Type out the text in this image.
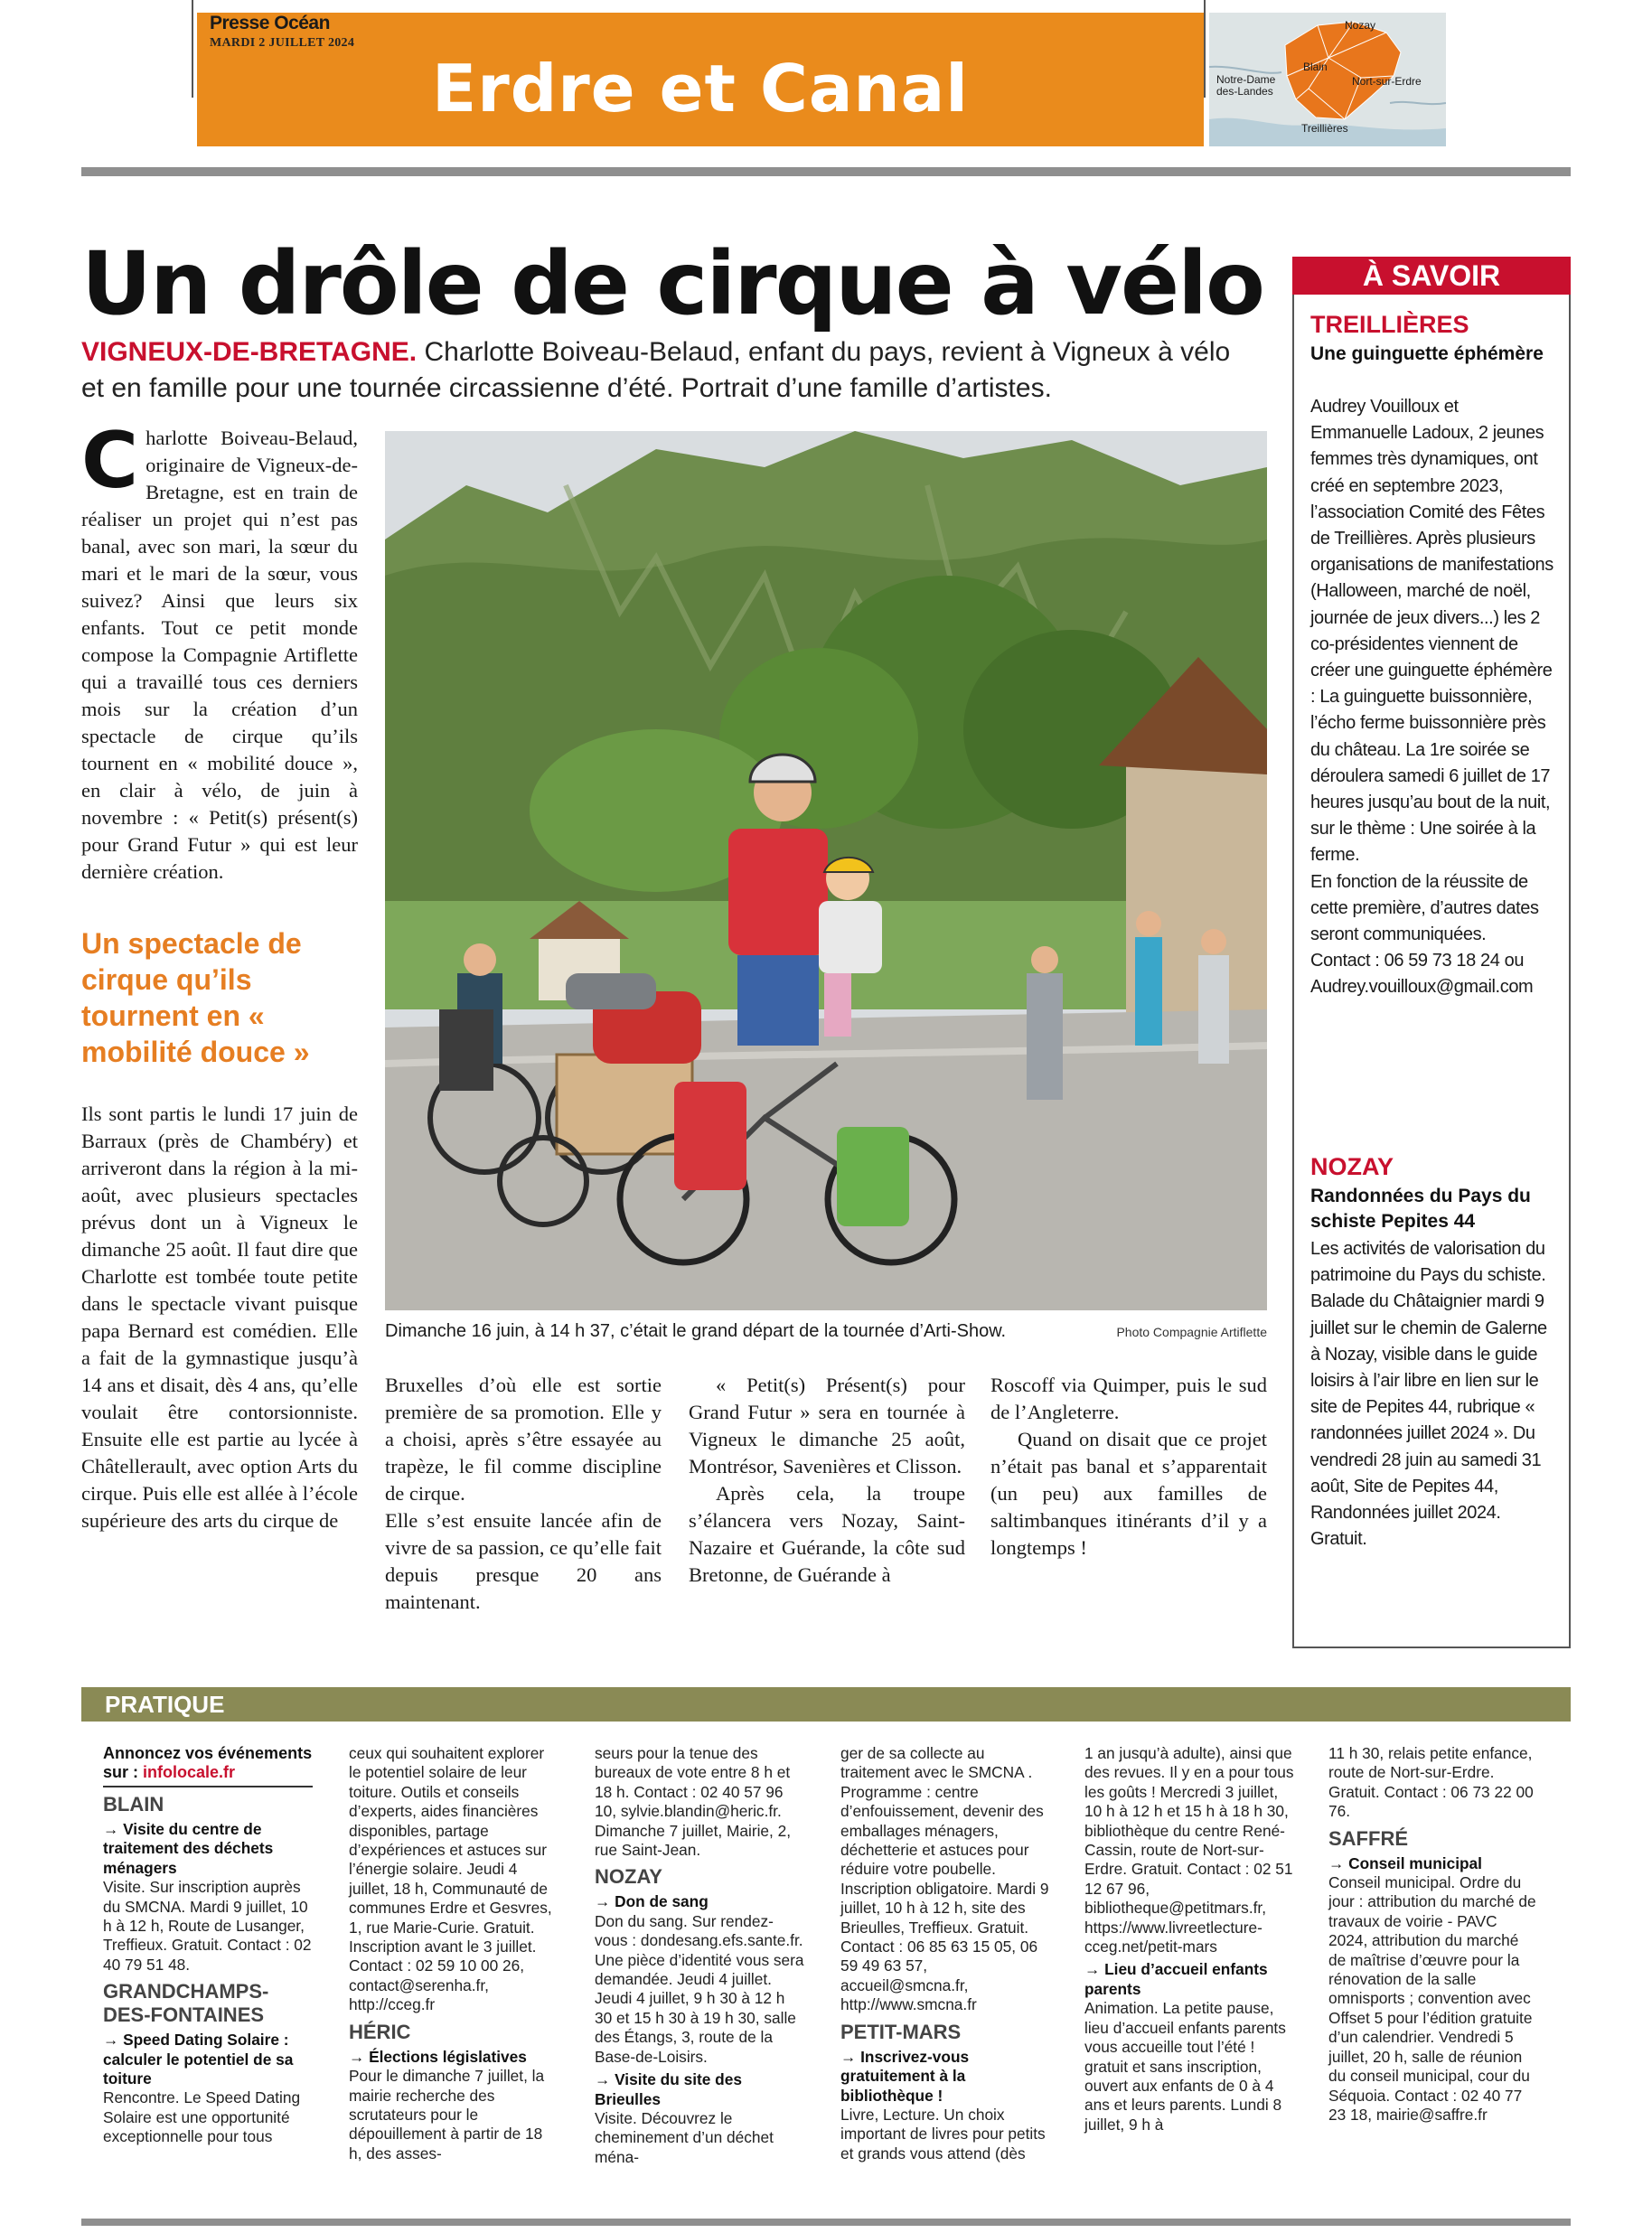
Presse Océan
MARDI 2 JUILLET 2024
Erdre et Canal
Nozay
Blain
Notre-Dame des-Landes
Nort-sur-Erdre
Treillières
Un drôle de cirque à vélo
VIGNEUX-DE-BRETAGNE. Charlotte Boiveau-Belaud, enfant du pays, revient à Vigneux à vélo et en famille pour une tournée circassienne d’été. Portrait d’une famille d’artistes.
C harlotte Boiveau-Belaud, originaire de Vigneux-de-Bretagne, est en train de réaliser un projet qui n’est pas banal, avec son mari, la sœur du mari et le mari de la sœur, vous suivez? Ainsi que leurs six enfants. Tout ce petit monde compose la Compagnie Artiflette qui a travaillé tous ces derniers mois sur la création d’un spectacle de cirque qu’ils tournent en « mobilité douce », en clair à vélo, de juin à novembre : « Petit(s) présent(s) pour Grand Futur » qui est leur dernière création.

Un spectacle de cirque qu’ils tournent en « mobilité douce »

Ils sont partis le lundi 17 juin de Barraux (près de Chambéry) et arriveront dans la région à la mi-août, avec plusieurs spectacles prévus dont un à Vigneux le dimanche 25 août. Il faut dire que Charlotte est tombée toute petite dans le spectacle vivant puisque papa Bernard est comédien. Elle a fait de la gymnastique jusqu’à 14 ans et disait, dès 4 ans, qu’elle voulait être contorsionniste. Ensuite elle est partie au lycée à Châtellerault, avec option Arts du cirque. Puis elle est allée à l’école supérieure des arts du cirque de

Dimanche 16 juin, à 14 h 37, c’était le grand départ de la tournée d’Arti-Show.	Photo Compagnie Artiflette

Bruxelles d’où elle est sortie première de sa promotion. Elle y a choisi, après s’être essayée au trapèze, le fil comme discipline de cirque.

Elle s’est ensuite lancée afin de vivre de sa passion, ce qu’elle fait depuis presque 20 ans maintenant.

« Petit(s) Présent(s) pour Grand Futur » sera en tournée à Vigneux le dimanche 25 août, Montrésor, Savenières et Clisson.

Après cela, la troupe s’élancera vers Nozay, Saint-Nazaire et Guérande, la côte sud Bretonne, de Guérande à

Roscoff via Quimper, puis le sud de l’Angleterre.

Quand on disait que ce projet n’était pas banal et s’apparentait (un peu) aux familles de saltimbanques itinérants d’il y a longtemps !

À SAVOIR
TREILLIÈRES
Une guinguette éphémère
Audrey Vouilloux et Emmanuelle Ladoux, 2 jeunes femmes très dynamiques, ont créé en septembre 2023, l’association Comité des Fêtes de Treillières. Après plusieurs organisations de manifestations (Halloween, marché de noël, journée de jeux divers...) les 2 co-présidentes viennent de créer une guinguette éphémère : La guinguette buissonnière, l’écho ferme buissonnière près du château. La 1re soirée se déroulera samedi 6 juillet de 17 heures jusqu’au bout de la nuit, sur le thème : Une soirée à la ferme.
En fonction de la réussite de cette première, d’autres dates seront communiquées.
Contact : 06 59 73 18 24 ou Audrey.vouilloux@gmail.com
NOZAY
Randonnées du Pays du schiste Pepites 44
Les activités de valorisation du patrimoine du Pays du schiste. Balade du Châtaignier mardi 9 juillet sur le chemin de Galerne à Nozay, visible dans le guide loisirs à l’air libre en lien sur le site de Pepites 44, rubrique « randonnées juillet 2024 ». Du vendredi 28 juin au samedi 31 août, Site de Pepites 44, Randonnées juillet 2024. Gratuit.
PRATIQUE
Annoncez vos événements sur : infolocale.fr
BLAIN
→ Visite du centre de traitement des déchets ménagers
Visite. Sur inscription auprès du SMCNA. Mardi 9 juillet, 10 h à 12 h, Route de Lusanger, Treffieux. Gratuit. Contact : 02 40 79 51 48.
GRANDCHAMPS-DES-FONTAINES
→ Speed Dating Solaire : calculer le potentiel de sa toiture
Rencontre. Le Speed Dating Solaire est une opportunité exceptionnelle pour tous
ceux qui souhaitent explorer le potentiel solaire de leur toiture. Outils et conseils d’experts, aides financières disponibles, partage d’expériences et astuces sur l’énergie solaire. Jeudi 4 juillet, 18 h, Communauté de communes Erdre et Gesvres, 1, rue Marie-Curie. Gratuit. Inscription avant le 3 juillet. Contact : 02 59 10 00 26, contact@serenha.fr, http://cceg.fr
HÉRIC
→ Élections législatives
Pour le dimanche 7 juillet, la mairie recherche des scrutateurs pour le dépouillement à partir de 18 h, des asses-
seurs pour la tenue des bureaux de vote entre 8 h et 18 h. Contact : 02 40 57 96 10, sylvie.blandin@heric.fr. Dimanche 7 juillet, Mairie, 2, rue Saint-Jean.
NOZAY
→ Don de sang
Don du sang. Sur rendez-vous : dondesang.efs.sante.fr. Une pièce d’identité vous sera demandée. Jeudi 4 juillet. Jeudi 4 juillet, 9 h 30 à 12 h 30 et 15 h 30 à 19 h 30, salle des Étangs, 3, route de la Base-de-Loisirs.
→ Visite du site des Brieulles
Visite. Découvrez le cheminement d’un déchet ména-
ger de sa collecte au traitement avec le SMCNA . Programme : centre d’enfouissement, devenir des emballages ménagers, déchetterie et astuces pour réduire votre poubelle. Inscription obligatoire. Mardi 9 juillet, 10 h à 12 h, site des Brieulles, Treffieux. Gratuit. Contact : 06 85 63 15 05, 06 59 49 63 57, accueil@smcna.fr, http://www.smcna.fr
PETIT-MARS
→ Inscrivez-vous gratuitement à la bibliothèque !
Livre, Lecture. Un choix important de livres pour petits et grands vous attend (dès
1 an jusqu’à adulte), ainsi que des revues. Il y en a pour tous les goûts ! Mercredi 3 juillet, 10 h à 12 h et 15 h à 18 h 30, bibliothèque du centre René-Cassin, route de Nort-sur-Erdre. Gratuit. Contact : 02 51 12 67 96, bibliotheque@petitmars.fr, https://www.livreetlecture-cceg.net/petit-mars
→ Lieu d’accueil enfants parents
Animation. La petite pause, lieu d’accueil enfants parents vous accueille tout l’été ! gratuit et sans inscription, ouvert aux enfants de 0 à 4 ans et leurs parents. Lundi 8 juillet, 9 h à
11 h 30, relais petite enfance, route de Nort-sur-Erdre. Gratuit. Contact : 06 73 22 00 76.
SAFFRÉ
→ Conseil municipal
Conseil municipal. Ordre du jour : attribution du marché de travaux de voirie - PAVC 2024, attribution du marché de maîtrise d’œuvre pour la rénovation de la salle omnisports ; convention avec Offset 5 pour l’édition gratuite d’un calendrier. Vendredi 5 juillet, 20 h, salle de réunion du conseil municipal, cour du Séquoia. Contact : 02 40 77 23 18, mairie@saffre.fr
